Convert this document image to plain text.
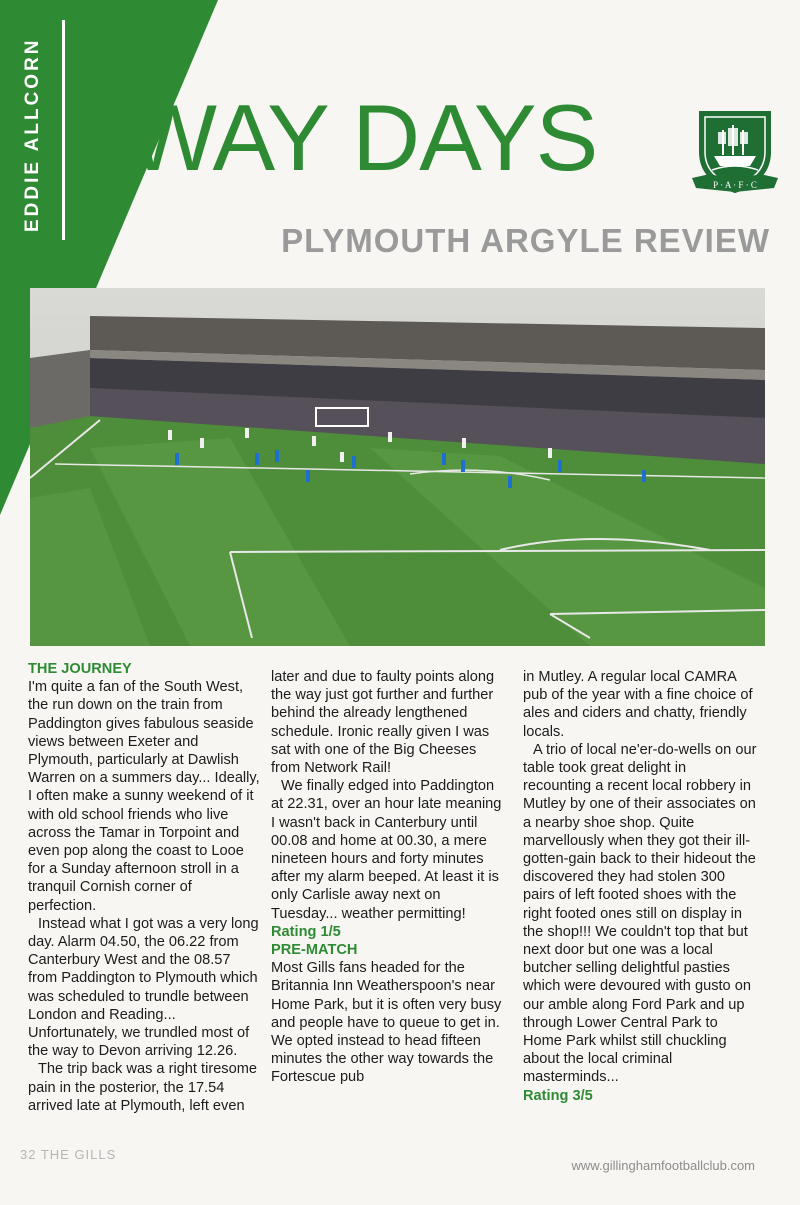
EDDIE ALLCORN AWAY DAYS	P · A · F · C
PLYMOUTH ARGYLE REVIEW
THE JOURNEY

I'm quite a fan of the South West, the run down on the train from Paddington gives fabulous seaside views between Exeter and Plymouth, particularly at Dawlish Warren on a summers day... Ideally, I often make a sunny weekend of it with old school friends who live across the Tamar in Torpoint and even pop along the coast to Looe for a Sunday afternoon stroll in a tranquil Cornish corner of perfection.

Instead what I got was a very long day. Alarm 04.50, the 06.22 from Canterbury West and the 08.57 from Paddington to Plymouth which was scheduled to trundle between London and Reading... Unfortunately, we trundled most of the way to Devon arriving 12.26.

The trip back was a right tiresome pain in the posterior, the 17.54 arrived late at Plymouth, left even

later and due to faulty points along the way just got further and further behind the already lengthened schedule. Ironic really given I was sat with one of the Big Cheeses from Network Rail!

We finally edged into Paddington at 22.31, over an hour late meaning I wasn't back in Canterbury until 00.08 and home at 00.30, a mere nineteen hours and forty minutes after my alarm beeped. At least it is only Carlisle away next on Tuesday... weather permitting!

Rating 1/5

PRE-MATCH

Most Gills fans headed for the Britannia Inn Weatherspoon's near Home Park, but it is often very busy and people have to queue to get in. We opted instead to head fifteen minutes the other way towards the Fortescue pub

in Mutley. A regular local CAMRA pub of the year with a fine choice of ales and ciders and chatty, friendly locals.

A trio of local ne'er-do-wells on our table took great delight in recounting a recent local robbery in Mutley by one of their associates on a nearby shoe shop. Quite marvellously when they got their ill-gotten-gain back to their hideout the discovered they had stolen 300 pairs of left footed shoes with the right footed ones still on display in the shop!!! We couldn't top that but next door but one was a local butcher selling delightful pasties which were devoured with gusto on our amble along Ford Park and up through Lower Central Park to Home Park whilst still chuckling about the local criminal masterminds...

Rating 3/5

32 THE GILLS
www.gillinghamfootballclub.com
